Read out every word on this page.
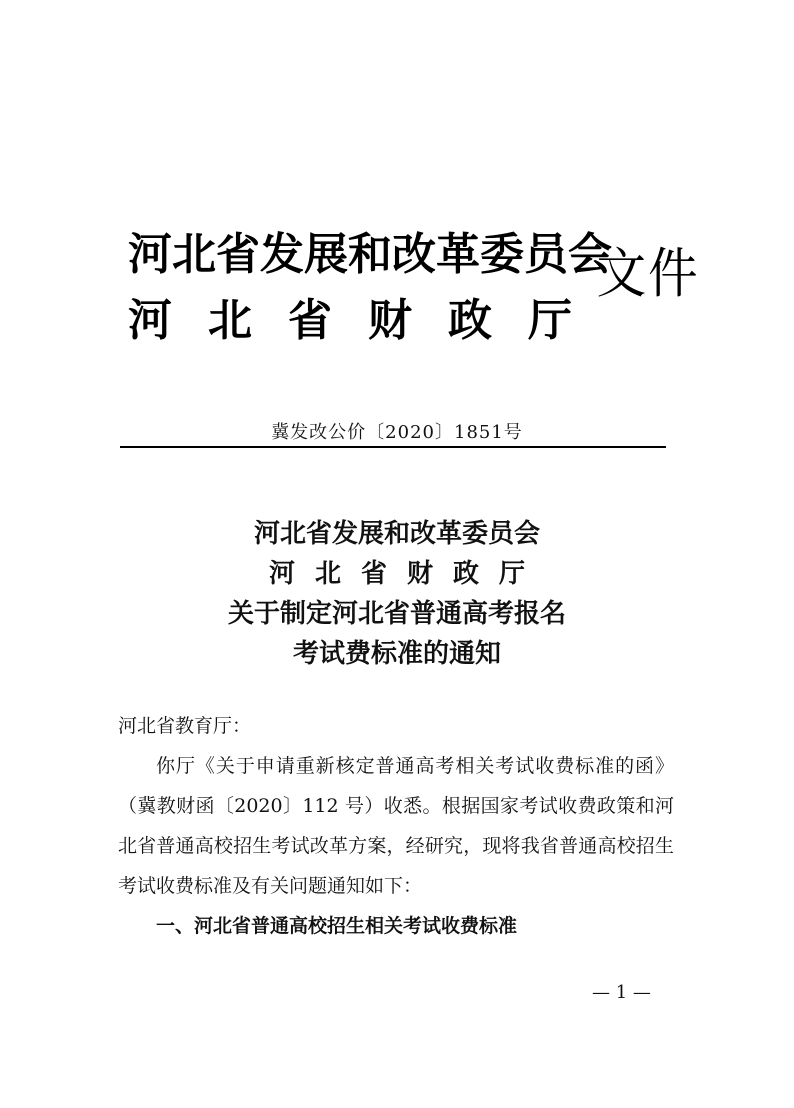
河北省发展和改革委员会
河北省财政厅
文件
冀发改公价〔2020〕1851号
河北省发展和改革委员会
河北省财政厅
关于制定河北省普通高考报名
考试费标准的通知
河北省教育厅：
你厅《关于申请重新核定普通高考相关考试收费标准的函》（冀教财函〔2020〕112 号）收悉。根据国家考试收费政策和河北省普通高校招生考试改革方案，经研究，现将我省普通高校招生考试收费标准及有关问题通知如下：
一、河北省普通高校招生相关考试收费标准
— 1 —
